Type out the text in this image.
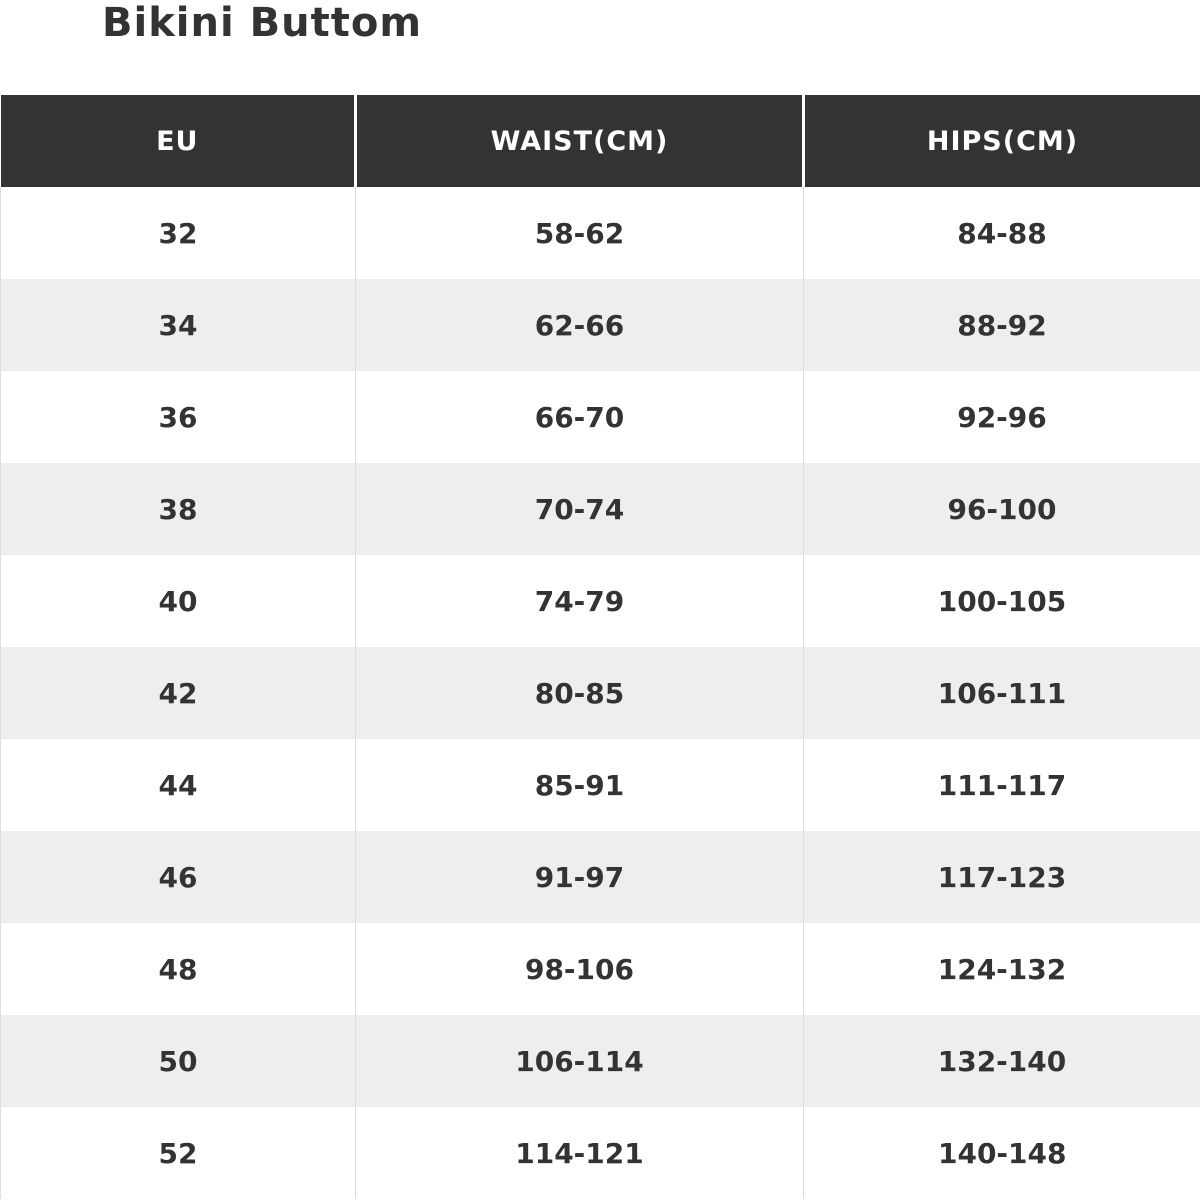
Bikini Buttom
EU	WAIST(CM)	HIPS(CM)
32	58-62	84-88
34	62-66	88-92
36	66-70	92-96
38	70-74	96-100
40	74-79	100-105
42	80-85	106-111
44	85-91	111-117
46	91-97	117-123
48	98-106	124-132
50	106-114	132-140
52	114-121	140-148
